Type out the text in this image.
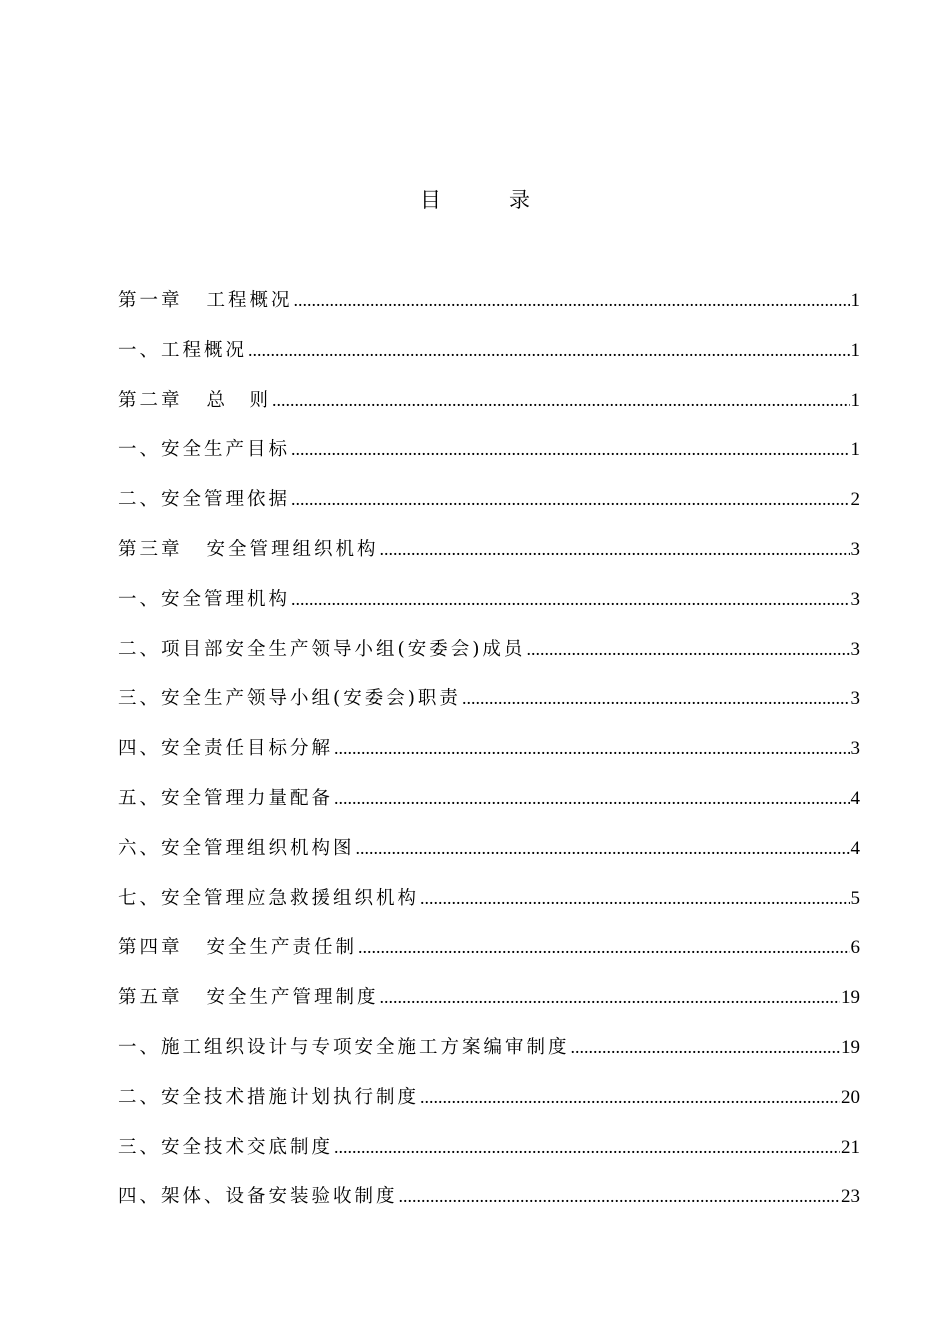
目	录
第一章 工程概况 .....	1
一、工程概况 .....	1
第二章 总　则 .....	1
一、安全生产目标 .....	1
二、安全管理依据 .....	2
第三章 安全管理组织机构 .....	3
一、安全管理机构 .....	3
二、项目部安全生产领导小组(安委会)成员 .....	3
三、安全生产领导小组(安委会)职责 .....	3
四、安全责任目标分解 .....	3
五、安全管理力量配备 .....	4
六、安全管理组织机构图 .....	4
七、安全管理应急救援组织机构 .....	5
第四章 安全生产责任制 .....	6
第五章 安全生产管理制度 .....	19
一、施工组织设计与专项安全施工方案编审制度 .....	19
二、安全技术措施计划执行制度 .....	20
三、安全技术交底制度 .....	21
四、架体、设备安装验收制度 .....	23
